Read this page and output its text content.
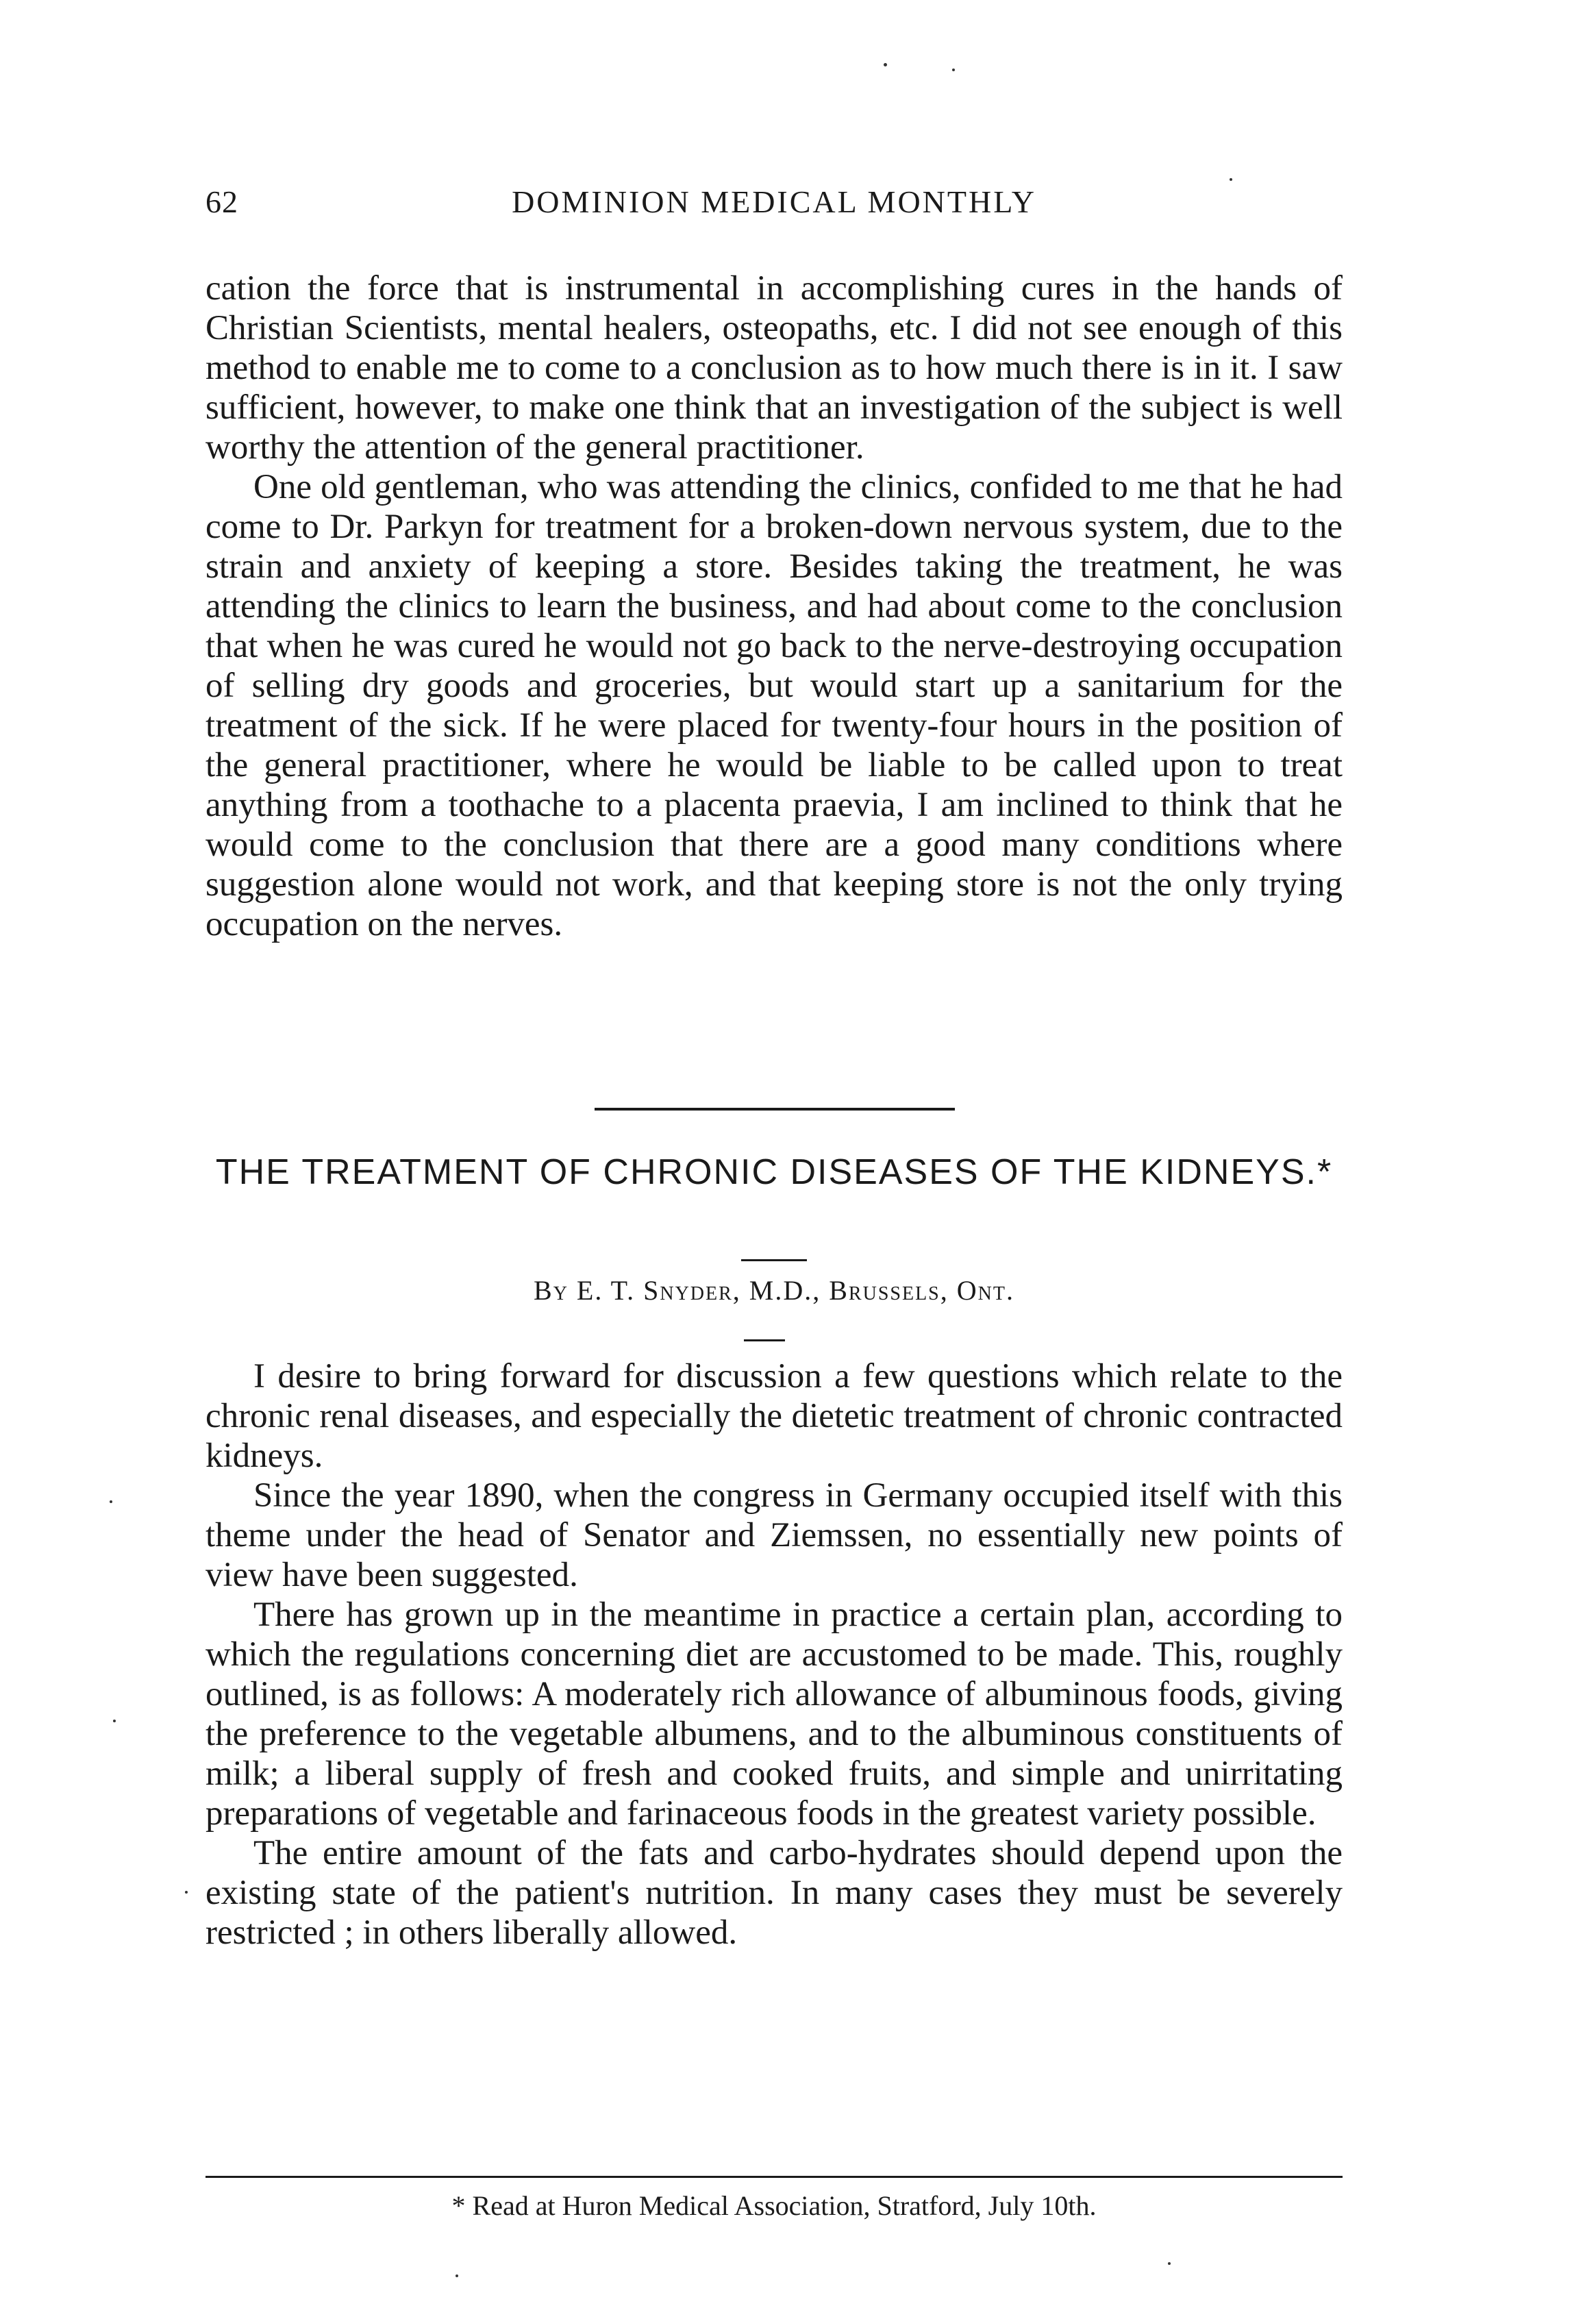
62	DOMINION MEDICAL MONTHLY

cation the force that is instrumental in accomplishing cures in the hands of Christian Scientists, mental healers, osteopaths, etc. I did not see enough of this method to enable me to come to a conclusion as to how much there is in it. I saw sufficient, however, to make one think that an investigation of the subject is well worthy the attention of the general practitioner.

One old gentleman, who was attending the clinics, confided to me that he had come to Dr. Parkyn for treatment for a broken-down nervous system, due to the strain and anxiety of keeping a store. Besides taking the treatment, he was attending the clinics to learn the business, and had about come to the conclusion that when he was cured he would not go back to the nerve-destroying occupation of selling dry goods and groceries, but would start up a sanitarium for the treatment of the sick. If he were placed for twenty-four hours in the position of the general practitioner, where he would be liable to be called upon to treat anything from a toothache to a placenta praevia, I am inclined to think that he would come to the conclusion that there are a good many conditions where suggestion alone would not work, and that keeping store is not the only trying occupation on the nerves.

THE TREATMENT OF CHRONIC DISEASES OF THE KIDNEYS.*
By E. T. Snyder, M.D., Brussels, Ont.

I desire to bring forward for discussion a few questions which relate to the chronic renal diseases, and especially the dietetic treatment of chronic contracted kidneys.

Since the year 1890, when the congress in Germany occupied itself with this theme under the head of Senator and Ziemssen, no essentially new points of view have been suggested.

There has grown up in the meantime in practice a certain plan, according to which the regulations concerning diet are accustomed to be made. This, roughly outlined, is as follows: A moderately rich allowance of albuminous foods, giving the preference to the vegetable albumens, and to the albuminous constituents of milk; a liberal supply of fresh and cooked fruits, and simple and unirritating preparations of vegetable and farinaceous foods in the greatest variety possible.

The entire amount of the fats and carbo-hydrates should depend upon the existing state of the patient's nutrition. In many cases they must be severely restricted ; in others liberally allowed.

* Read at Huron Medical Association, Stratford, July 10th.
